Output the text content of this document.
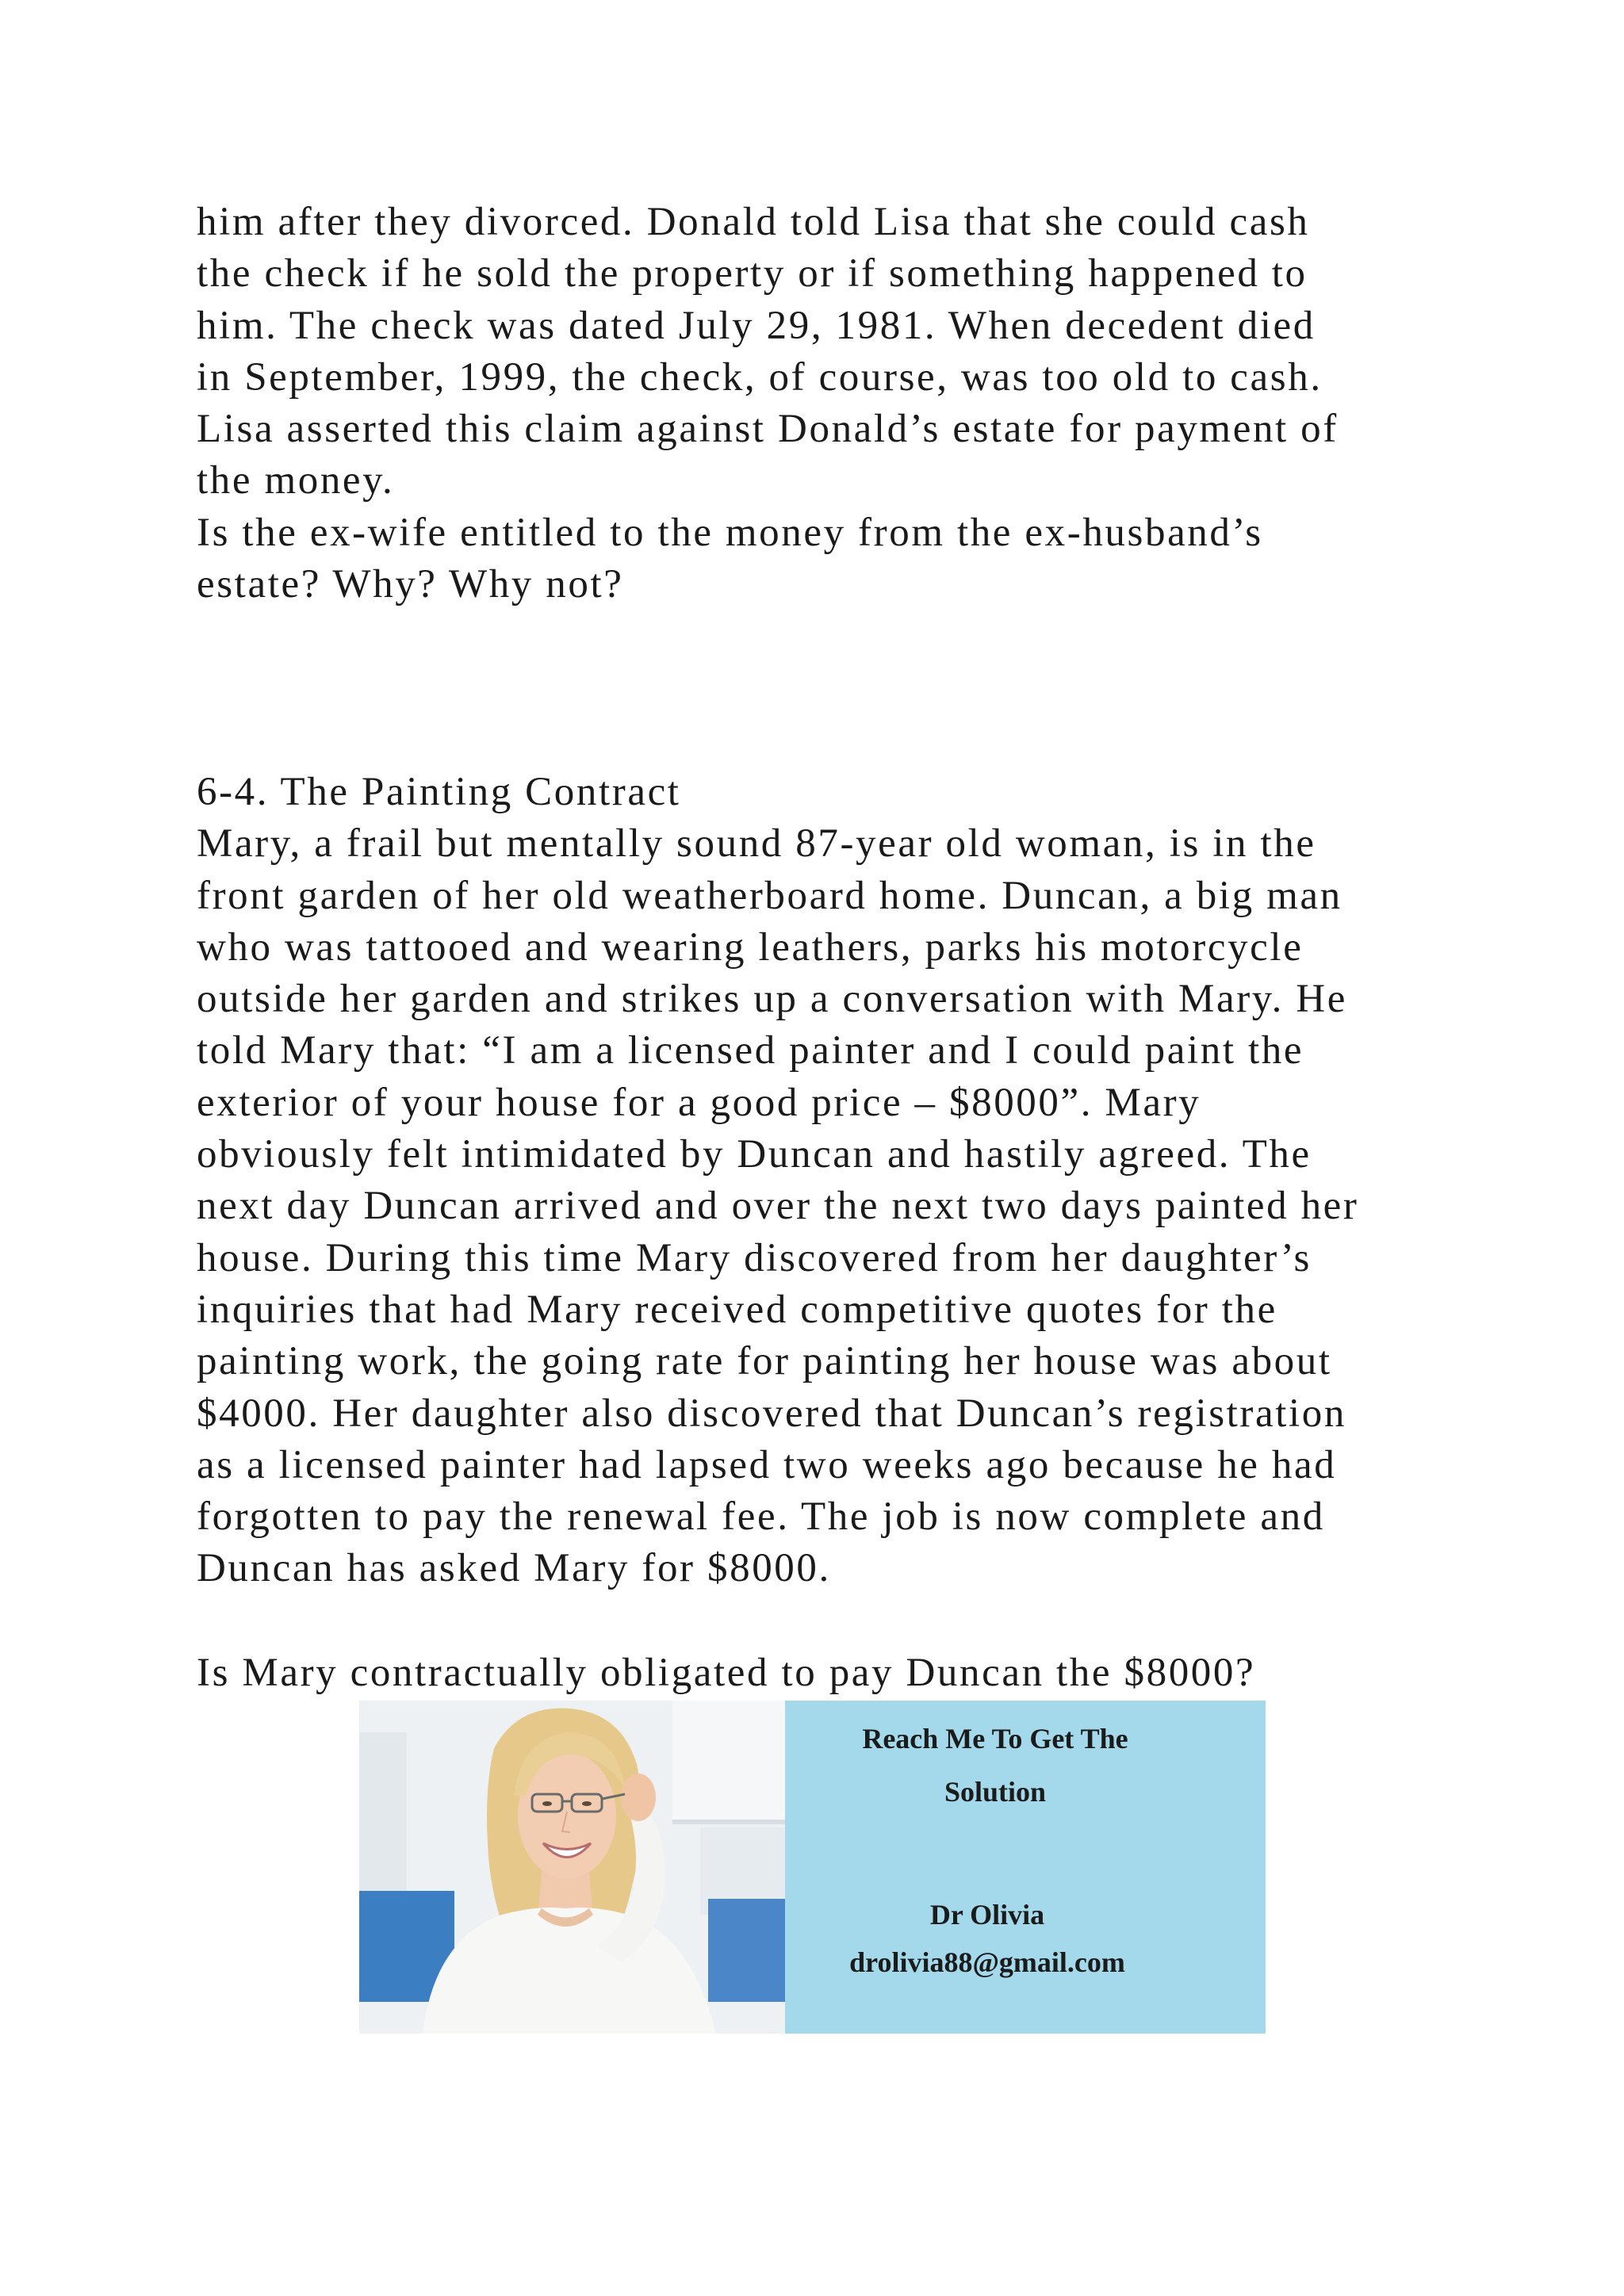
him after they divorced. Donald told Lisa that she could cash
the check if he sold the property or if something happened to
him. The check was dated July 29, 1981. When decedent died
in September, 1999, the check, of course, was too old to cash.
Lisa asserted this claim against Donald’s estate for payment of
the money.
Is the ex-wife entitled to the money from the ex-husband’s
estate? Why? Why not?
6-4. The Painting Contract
Mary, a frail but mentally sound 87-year old woman, is in the
front garden of her old weatherboard home. Duncan, a big man
who was tattooed and wearing leathers, parks his motorcycle
outside her garden and strikes up a conversation with Mary. He
told Mary that: “I am a licensed painter and I could paint the
exterior of your house for a good price – $8000”. Mary
obviously felt intimidated by Duncan and hastily agreed. The
next day Duncan arrived and over the next two days painted her
house. During this time Mary discovered from her daughter’s
inquiries that had Mary received competitive quotes for the
painting work, the going rate for painting her house was about
$4000. Her daughter also discovered that Duncan’s registration
as a licensed painter had lapsed two weeks ago because he had
forgotten to pay the renewal fee. The job is now complete and
Duncan has asked Mary for $8000.
Is Mary contractually obligated to pay Duncan the $8000?
Reach Me To Get The
Solution
Dr Olivia
drolivia88@gmail.com
